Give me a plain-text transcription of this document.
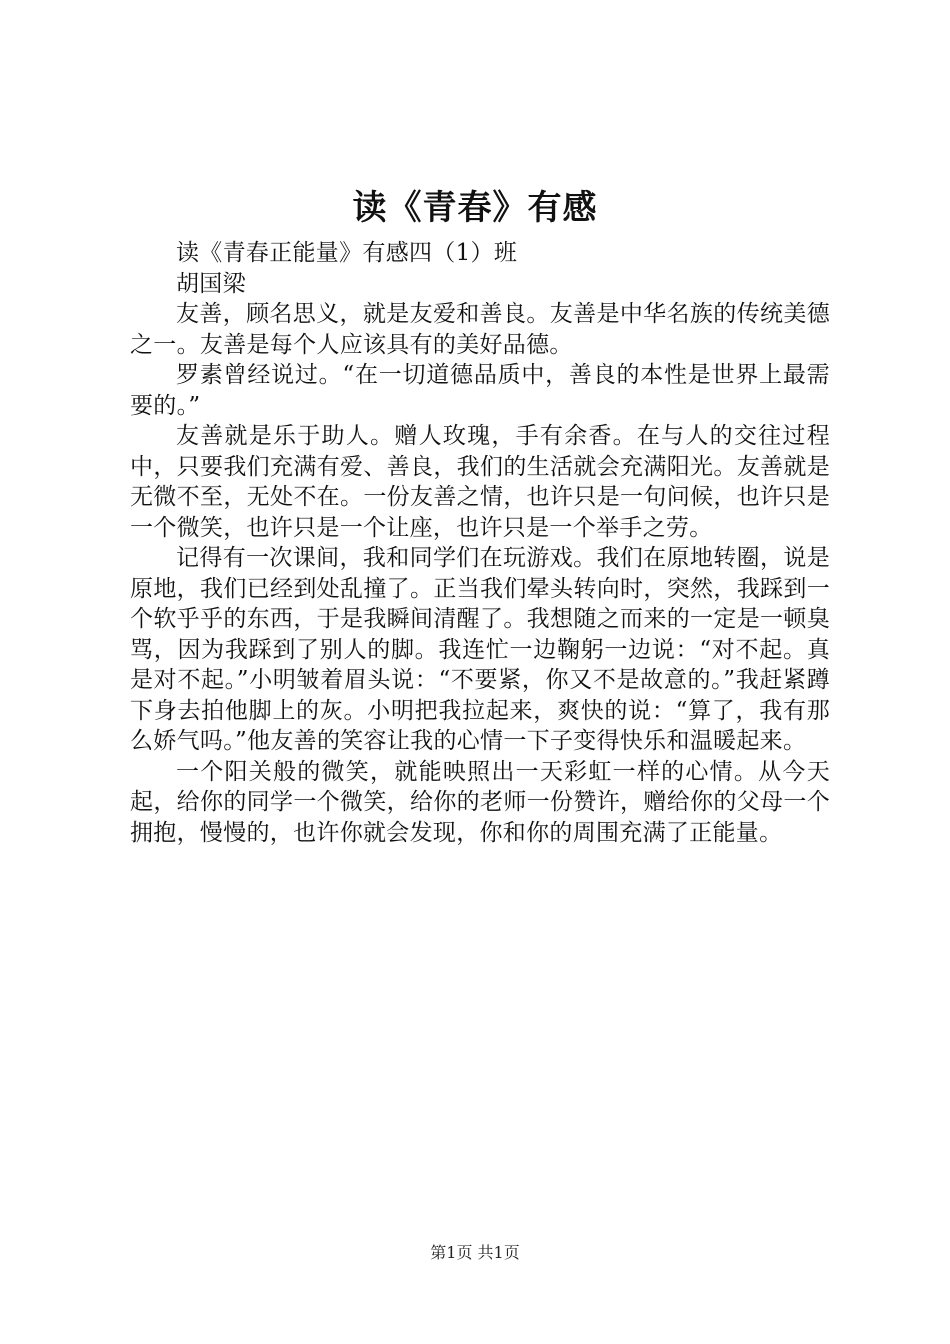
读《青春》有感

读《青春正能量》有感四（1）班

胡国梁

友善，顾名思义，就是友爱和善良。友善是中华名族的传统美德之一。友善是每个人应该具有的美好品德。

罗素曾经说过。“在一切道德品质中，善良的本性是世界上最需要的。”

友善就是乐于助人。赠人玫瑰，手有余香。在与人的交往过程中，只要我们充满有爱、善良，我们的生活就会充满阳光。友善就是无微不至，无处不在。一份友善之情，也许只是一句问候，也许只是一个微笑，也许只是一个让座，也许只是一个举手之劳。

记得有一次课间，我和同学们在玩游戏。我们在原地转圈，说是原地，我们已经到处乱撞了。正当我们晕头转向时，突然，我踩到一个软乎乎的东西，于是我瞬间清醒了。我想随之而来的一定是一顿臭骂，因为我踩到了别人的脚。我连忙一边鞠躬一边说：“对不起。真是对不起。”小明皱着眉头说：“不要紧，你又不是故意的。”我赶紧蹲下身去拍他脚上的灰。小明把我拉起来，爽快的说：“算了，我有那么娇气吗。”他友善的笑容让我的心情一下子变得快乐和温暖起来。

一个阳关般的微笑，就能映照出一天彩虹一样的心情。从今天起，给你的同学一个微笑，给你的老师一份赞许，赠给你的父母一个拥抱，慢慢的，也许你就会发现，你和你的周围充满了正能量。

第1页 共1页
